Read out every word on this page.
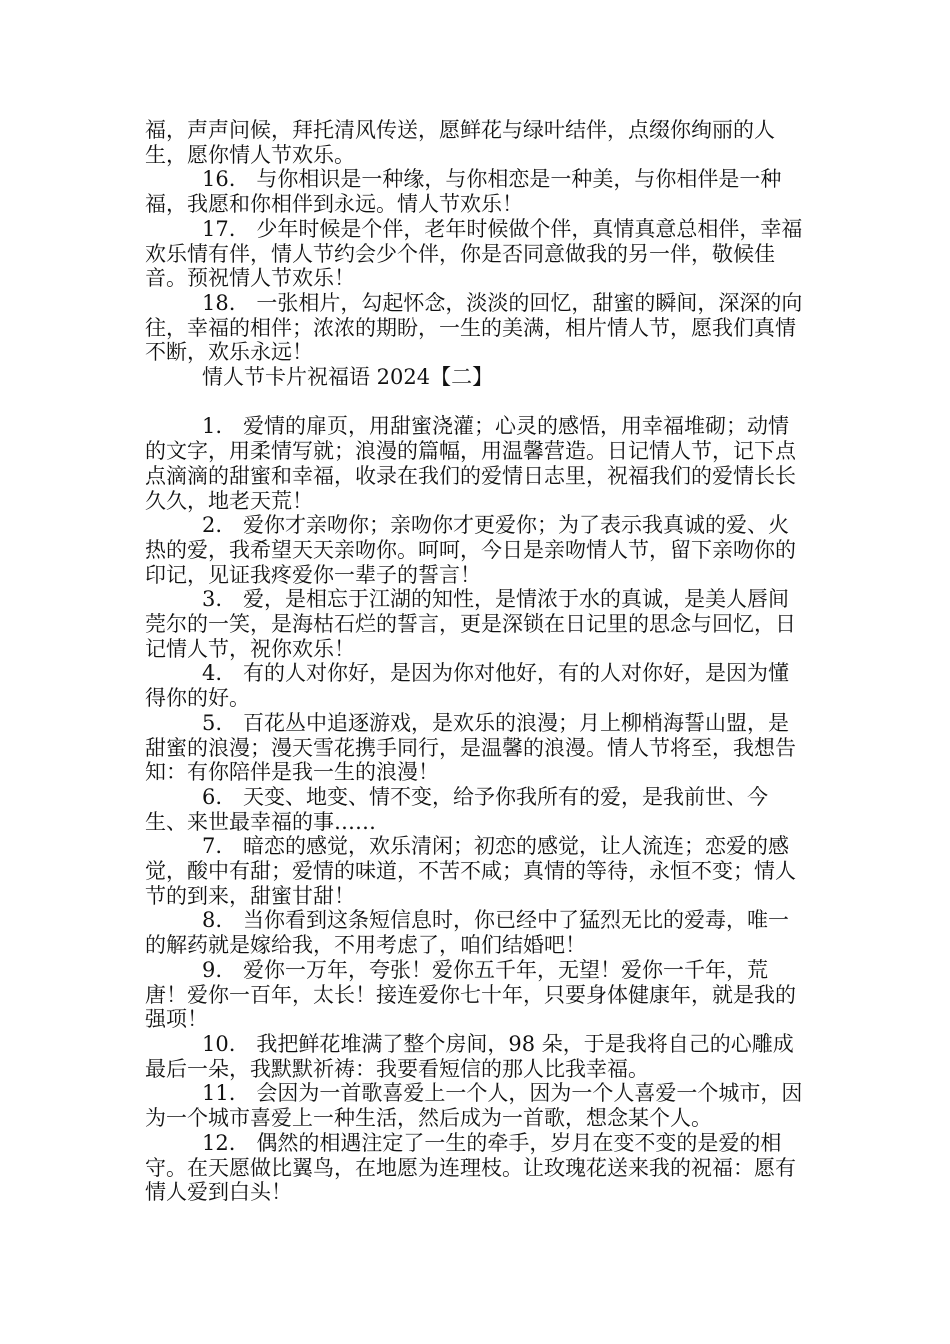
福，声声问候，拜托清风传送，愿鲜花与绿叶结伴，点缀你绚丽的人生，愿你情人节欢乐。

16.　与你相识是一种缘，与你相恋是一种美，与你相伴是一种福，我愿和你相伴到永远。情人节欢乐！

17.　少年时候是个伴，老年时候做个伴，真情真意总相伴，幸福欢乐情有伴，情人节约会少个伴，你是否同意做我的另一伴，敬候佳音。预祝情人节欢乐！

18.　一张相片，勾起怀念，淡淡的回忆，甜蜜的瞬间，深深的向往，幸福的相伴；浓浓的期盼，一生的美满，相片情人节，愿我们真情不断，欢乐永远！

情人节卡片祝福语 2024【二】

1.　爱情的扉页，用甜蜜浇灌；心灵的感悟，用幸福堆砌；动情的文字，用柔情写就；浪漫的篇幅，用温馨营造。日记情人节，记下点点滴滴的甜蜜和幸福，收录在我们的爱情日志里，祝福我们的爱情长长久久，地老天荒！

2.　爱你才亲吻你；亲吻你才更爱你；为了表示我真诚的爱、火热的爱，我希望天天亲吻你。呵呵，今日是亲吻情人节，留下亲吻你的印记，见证我疼爱你一辈子的誓言！

3.　爱，是相忘于江湖的知性，是情浓于水的真诚，是美人唇间莞尔的一笑，是海枯石烂的誓言，更是深锁在日记里的思念与回忆，日记情人节，祝你欢乐！

4.　有的人对你好，是因为你对他好，有的人对你好，是因为懂得你的好。

5.　百花丛中追逐游戏，是欢乐的浪漫；月上柳梢海誓山盟，是甜蜜的浪漫；漫天雪花携手同行，是温馨的浪漫。情人节将至，我想告知：有你陪伴是我一生的浪漫！

6.　天变、地变、情不变，给予你我所有的爱，是我前世、今生、来世最幸福的事……

7.　暗恋的感觉，欢乐清闲；初恋的感觉，让人流连；恋爱的感觉，酸中有甜；爱情的味道，不苦不咸；真情的等待，永恒不变；情人节的到来，甜蜜甘甜！

8.　当你看到这条短信息时，你已经中了猛烈无比的爱毒，唯一的解药就是嫁给我，不用考虑了，咱们结婚吧！

9.　爱你一万年，夸张！爱你五千年，无望！爱你一千年，荒唐！爱你一百年，太长！接连爱你七十年，只要身体健康年，就是我的强项！

10.　我把鲜花堆满了整个房间，98 朵，于是我将自己的心雕成最后一朵，我默默祈祷：我要看短信的那人比我幸福。

11.　会因为一首歌喜爱上一个人，因为一个人喜爱一个城市，因为一个城市喜爱上一种生活，然后成为一首歌，想念某个人。

12.　偶然的相遇注定了一生的牵手，岁月在变不变的是爱的相守。在天愿做比翼鸟，在地愿为连理枝。让玫瑰花送来我的祝福：愿有情人爱到白头！
